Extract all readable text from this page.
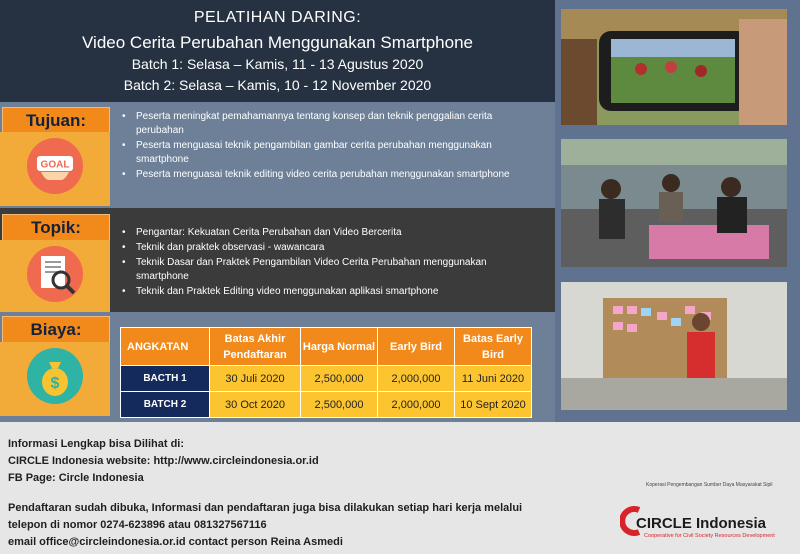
PELATIHAN DARING:
Video Cerita Perubahan Menggunakan Smartphone
Batch 1: Selasa – Kamis, 11 - 13 Agustus 2020
Batch 2: Selasa – Kamis, 10 - 12 November 2020
Tujuan:
GOAL
• Peserta meningkat pemahamannya tentang konsep dan teknik penggalian cerita perubahan
• Peserta menguasai teknik pengambilan gambar cerita perubahan menggunakan smartphone
• Peserta menguasai teknik editing video cerita perubahan menggunakan smartphone
Topik:	• Pengantar: Kekuatan Cerita Perubahan dan Video Bercerita
• Teknik dan praktek observasi - wawancara
• Teknik Dasar dan Praktek Pengambilan Video Cerita Perubahan menggunakan smartphone
• Teknik dan Praktek Editing video menggunakan aplikasi smartphone
Biaya:
$
ANGKATAN	Batas Akhir Pendaftaran	Harga Normal	Early Bird	Batas Early Bird
BACTH 1	30 Juli 2020	2,500,000	2,000,000	11 Juni 2020
BATCH 2	30 Oct 2020	2,500,000	2,000,000	10 Sept 2020
Informasi Lengkap bisa Dilihat di:
CIRCLE Indonesia website: http://www.circleindonesia.or.id
FB Page: Circle Indonesia
Pendaftaran sudah dibuka, Informasi dan pendaftaran juga bisa dilakukan setiap hari kerja melalui
telepon di nomor 0274-623896 atau 081327567116
email office@circleindonesia.or.id contact person Reina Asmedi
Koperasi Pengembangan Sumber Daya Masyarakat Sipil
CIRCLE Indonesia
Cooperative for Civil Society Resources Development
